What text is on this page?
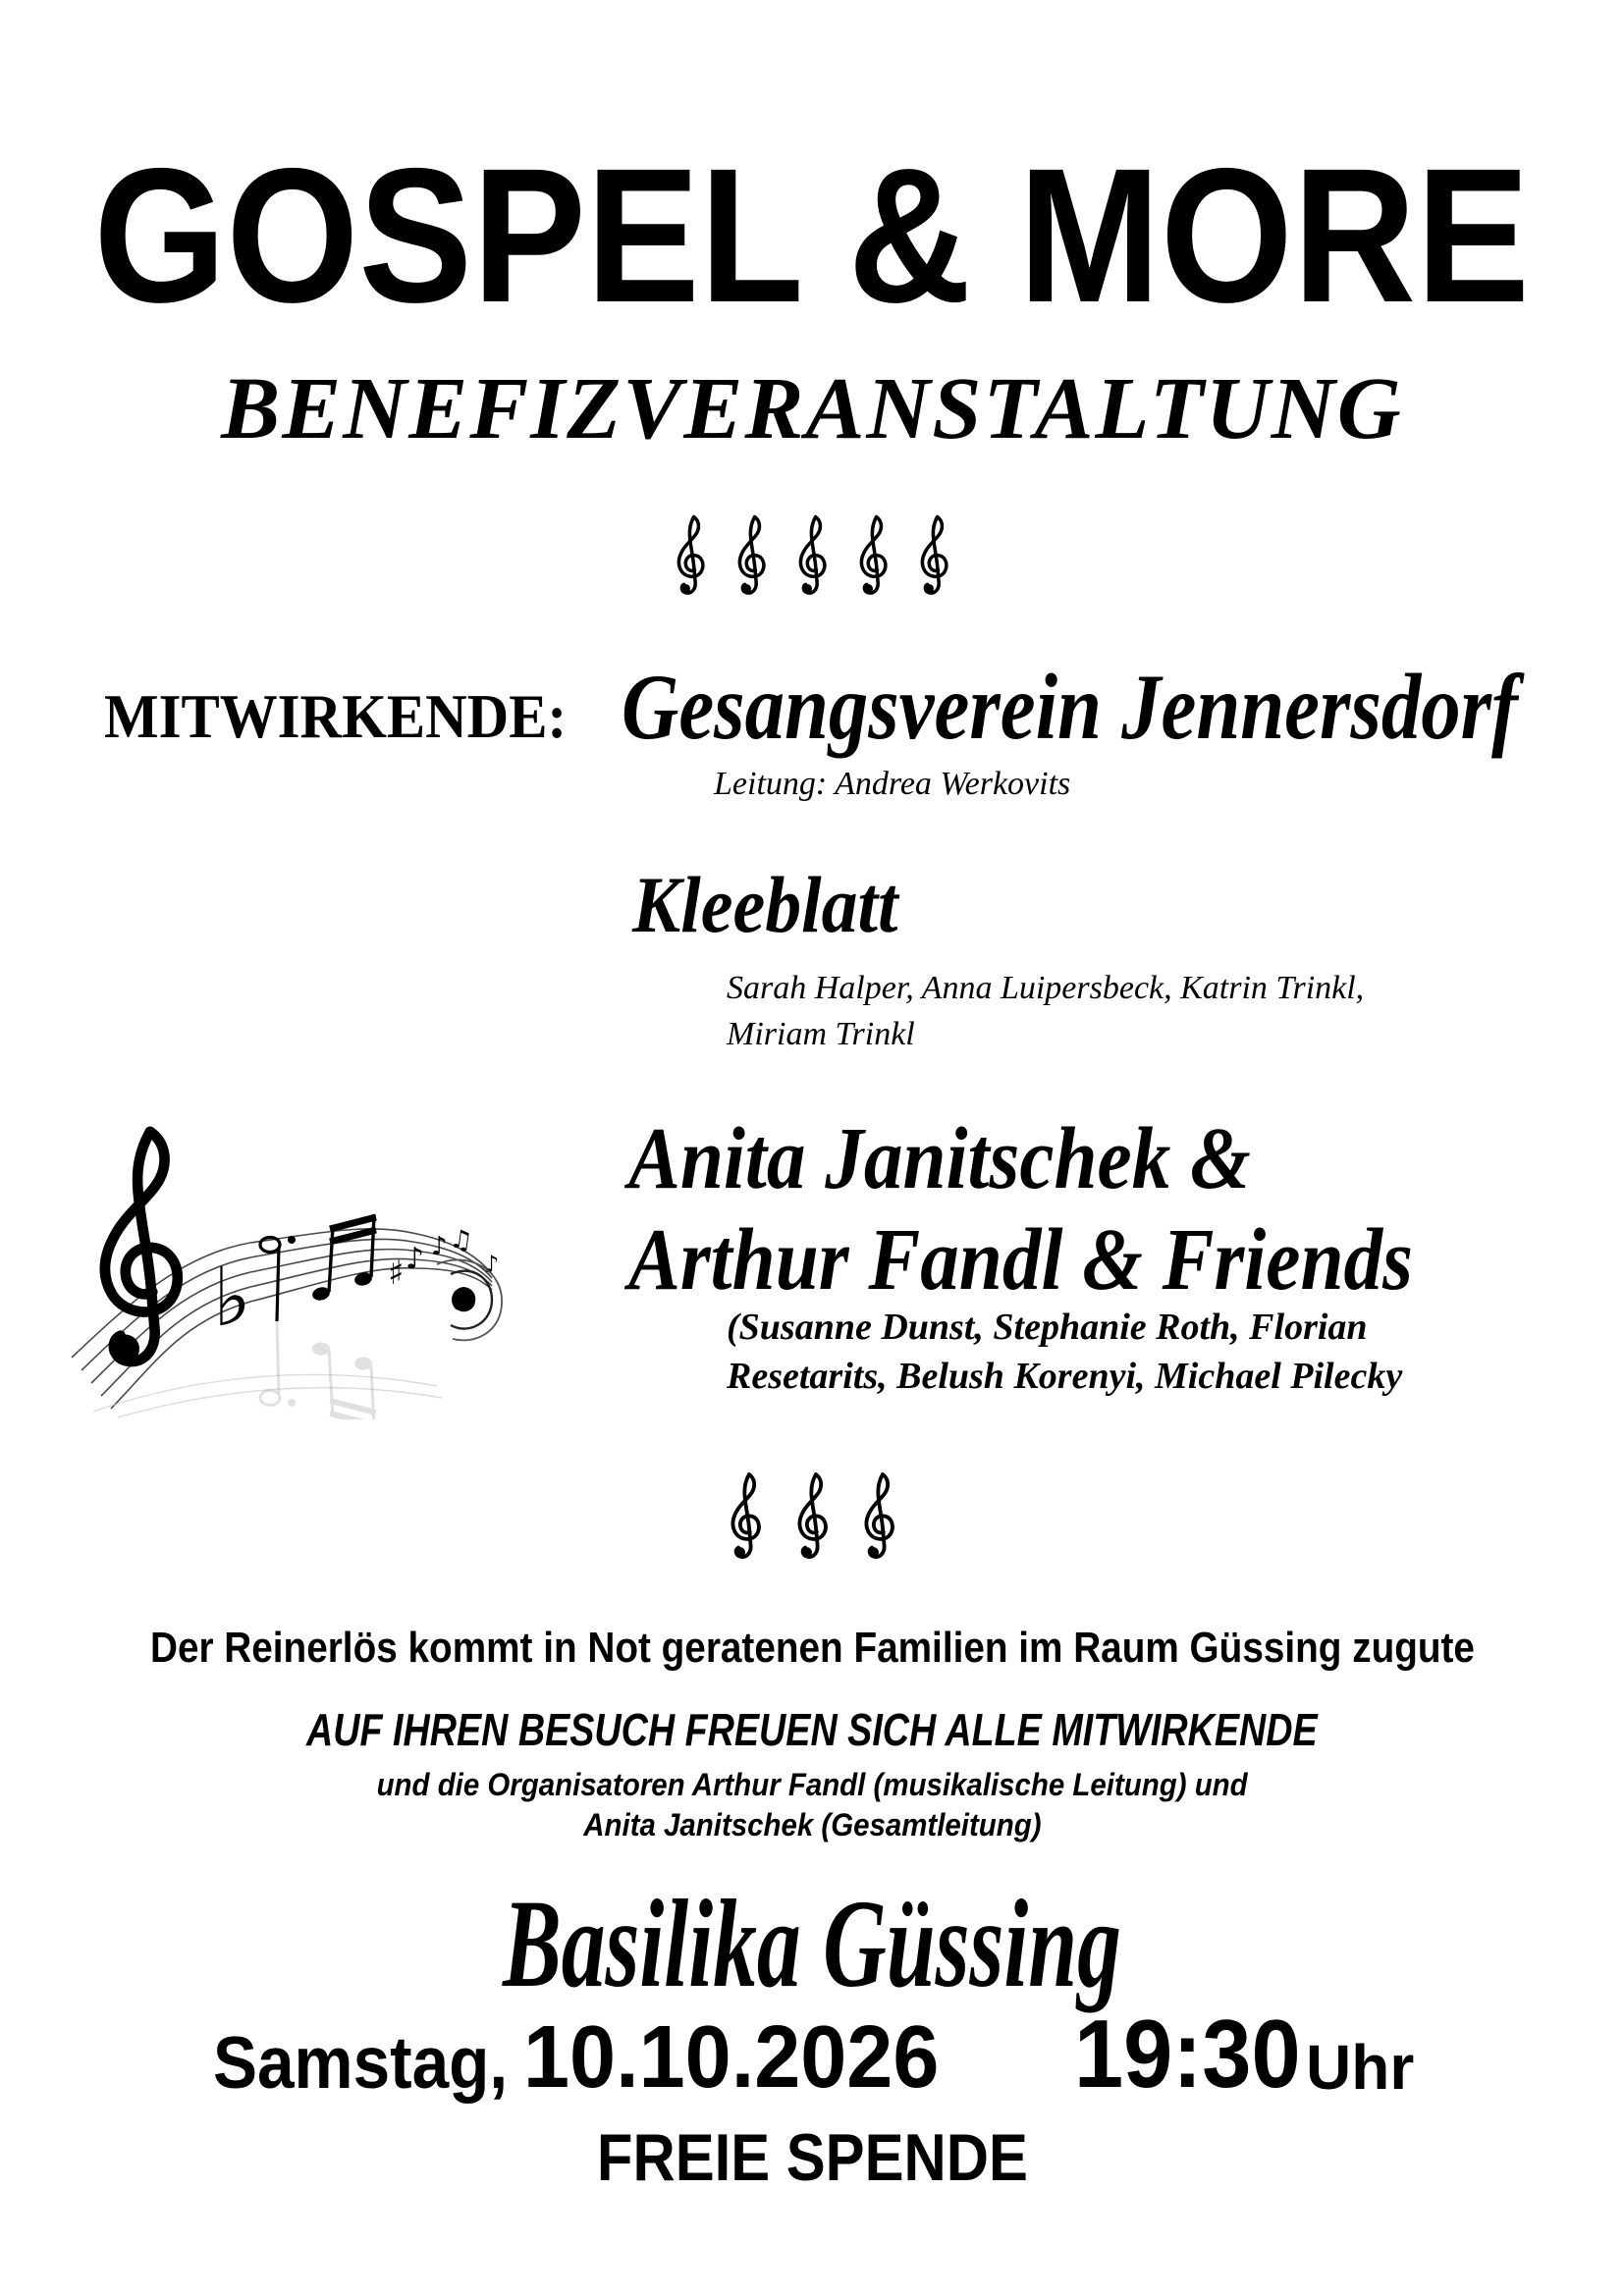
GOSPEL & MORE
BENEFIZVERANSTALTUNG

MITWIRKENDE: Gesangsverein Jennersdorf
Leitung: Andrea Werkovits
Kleeblatt
Sarah Halper, Anna Luipersbeck, Katrin Trinkl,
Miriam Trinkl
Anita Janitschek &
Arthur Fandl & Friends
(Susanne Dunst, Stephanie Roth, Florian
Resetarits, Belush Korenyi, Michael Pilecky
♭	♯ ♪ ♪ ♫
♪

Der Reinerlös kommt in Not geratenen Familien im Raum Güssing zugute
AUF IHREN BESUCH FREUEN SICH ALLE MITWIRKENDE
und die Organisatoren Arthur Fandl (musikalische Leitung) und
Anita Janitschek (Gesamtleitung)
Basilika Güssing
Samstag, 10.10.2026 19:30 Uhr
FREIE SPENDE
